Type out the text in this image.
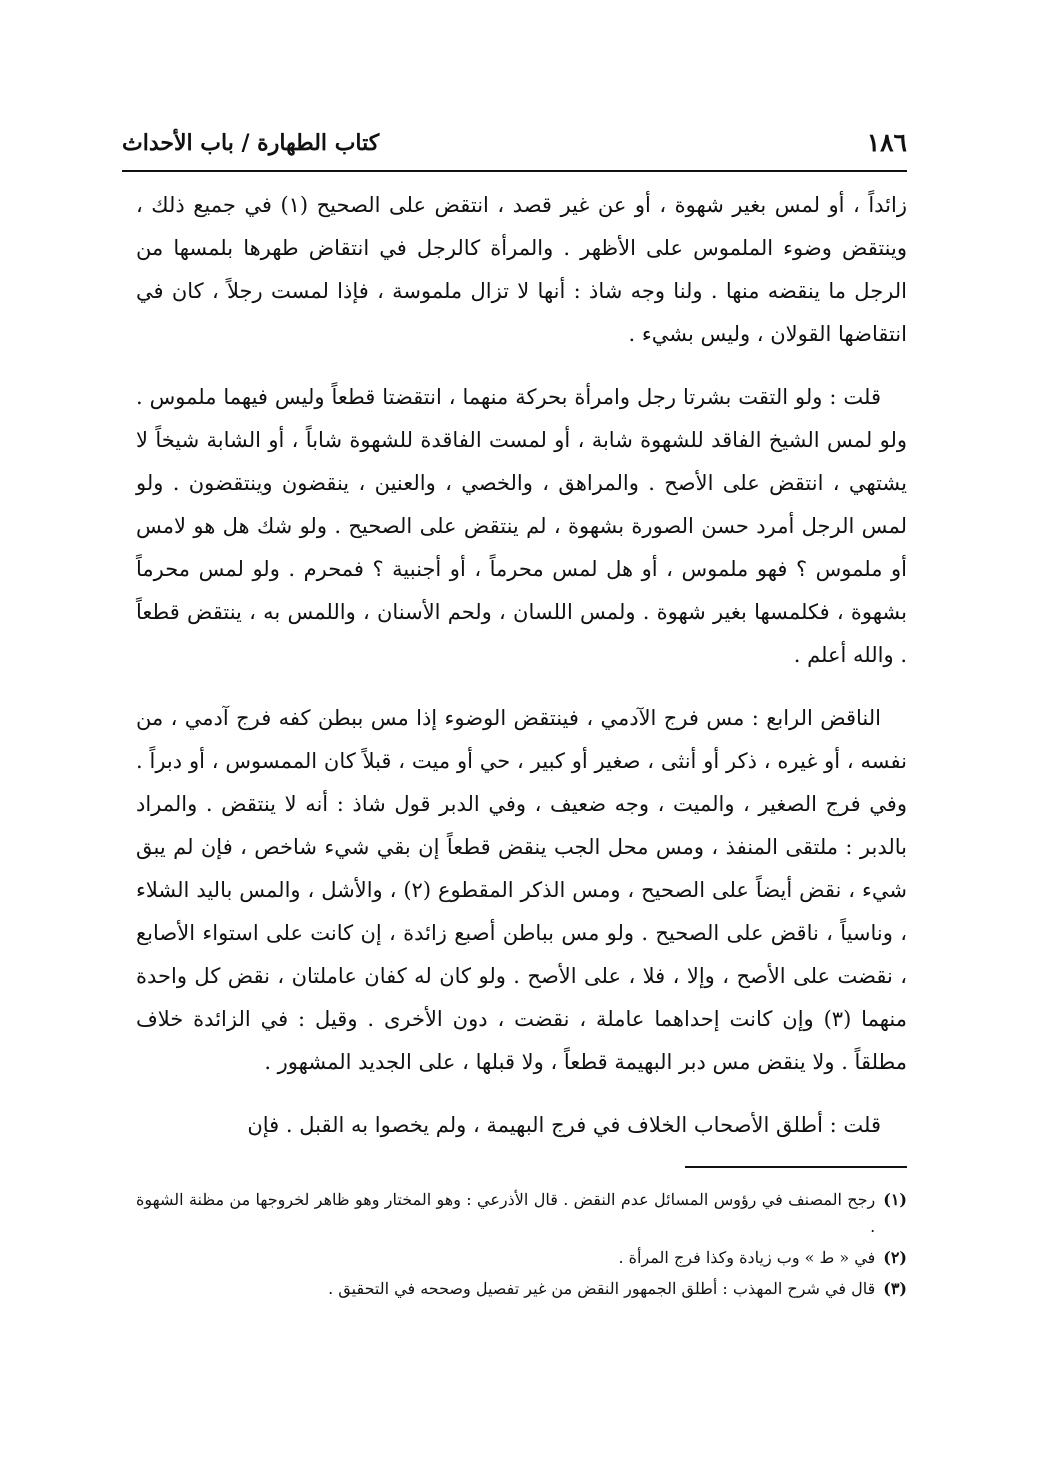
١٨٦
كتاب الطهارة / باب الأحداث

زائداً ، أو لمس بغير شهوة ، أو عن غير قصد ، انتقض على الصحيح (١) في جميع ذلك ، وينتقض وضوء الملموس على الأظهر . والمرأة كالرجل في انتقاض طهرها بلمسها من الرجل ما ينقضه منها . ولنا وجه شاذ : أنها لا تزال ملموسة ، فإذا لمست رجلاً ، كان في انتقاضها القولان ، وليس بشيء .

قلت : ولو التقت بشرتا رجل وامرأة بحركة منهما ، انتقضتا قطعاً وليس فيهما ملموس . ولو لمس الشيخ الفاقد للشهوة شابة ، أو لمست الفاقدة للشهوة شاباً ، أو الشابة شيخاً لا يشتهي ، انتقض على الأصح . والمراهق ، والخصي ، والعنين ، ينقضون وينتقضون . ولو لمس الرجل أمرد حسن الصورة بشهوة ، لم ينتقض على الصحيح . ولو شك هل هو لامس أو ملموس ؟ فهو ملموس ، أو هل لمس محرماً ، أو أجنبية ؟ فمحرم . ولو لمس محرماً بشهوة ، فكلمسها بغير شهوة . ولمس اللسان ، ولحم الأسنان ، واللمس به ، ينتقض قطعاً . والله أعلم .

الناقض الرابع : مس فرج الآدمي ، فينتقض الوضوء إذا مس ببطن كفه فرج آدمي ، من نفسه ، أو غيره ، ذكر أو أنثى ، صغير أو كبير ، حي أو ميت ، قبلاً كان الممسوس ، أو دبراً . وفي فرج الصغير ، والميت ، وجه ضعيف ، وفي الدبر قول شاذ : أنه لا ينتقض . والمراد بالدبر : ملتقى المنفذ ، ومس محل الجب ينقض قطعاً إن بقي شيء شاخص ، فإن لم يبق شيء ، نقض أيضاً على الصحيح ، ومس الذكر المقطوع (٢) ، والأشل ، والمس باليد الشلاء ، وناسياً ، ناقض على الصحيح . ولو مس بباطن أصبع زائدة ، إن كانت على استواء الأصابع ، نقضت على الأصح ، وإلا ، فلا ، على الأصح . ولو كان له كفان عاملتان ، نقض كل واحدة منهما (٣) وإن كانت إحداهما عاملة ، نقضت ، دون الأخرى . وقيل : في الزائدة خلاف مطلقاً . ولا ينقض مس دبر البهيمة قطعاً ، ولا قبلها ، على الجديد المشهور .

قلت : أطلق الأصحاب الخلاف في فرج البهيمة ، ولم يخصوا به القبل . فإن

(١)
رجح المصنف في رؤوس المسائل عدم النقض . قال الأذرعي : وهو المختار وهو ظاهر لخروجها من مظنة الشهوة .
(٢)
في « ط » وب زيادة وكذا فرج المرأة .
(٣)
قال في شرح المهذب : أطلق الجمهور النقض من غير تفصيل وصححه في التحقيق .
